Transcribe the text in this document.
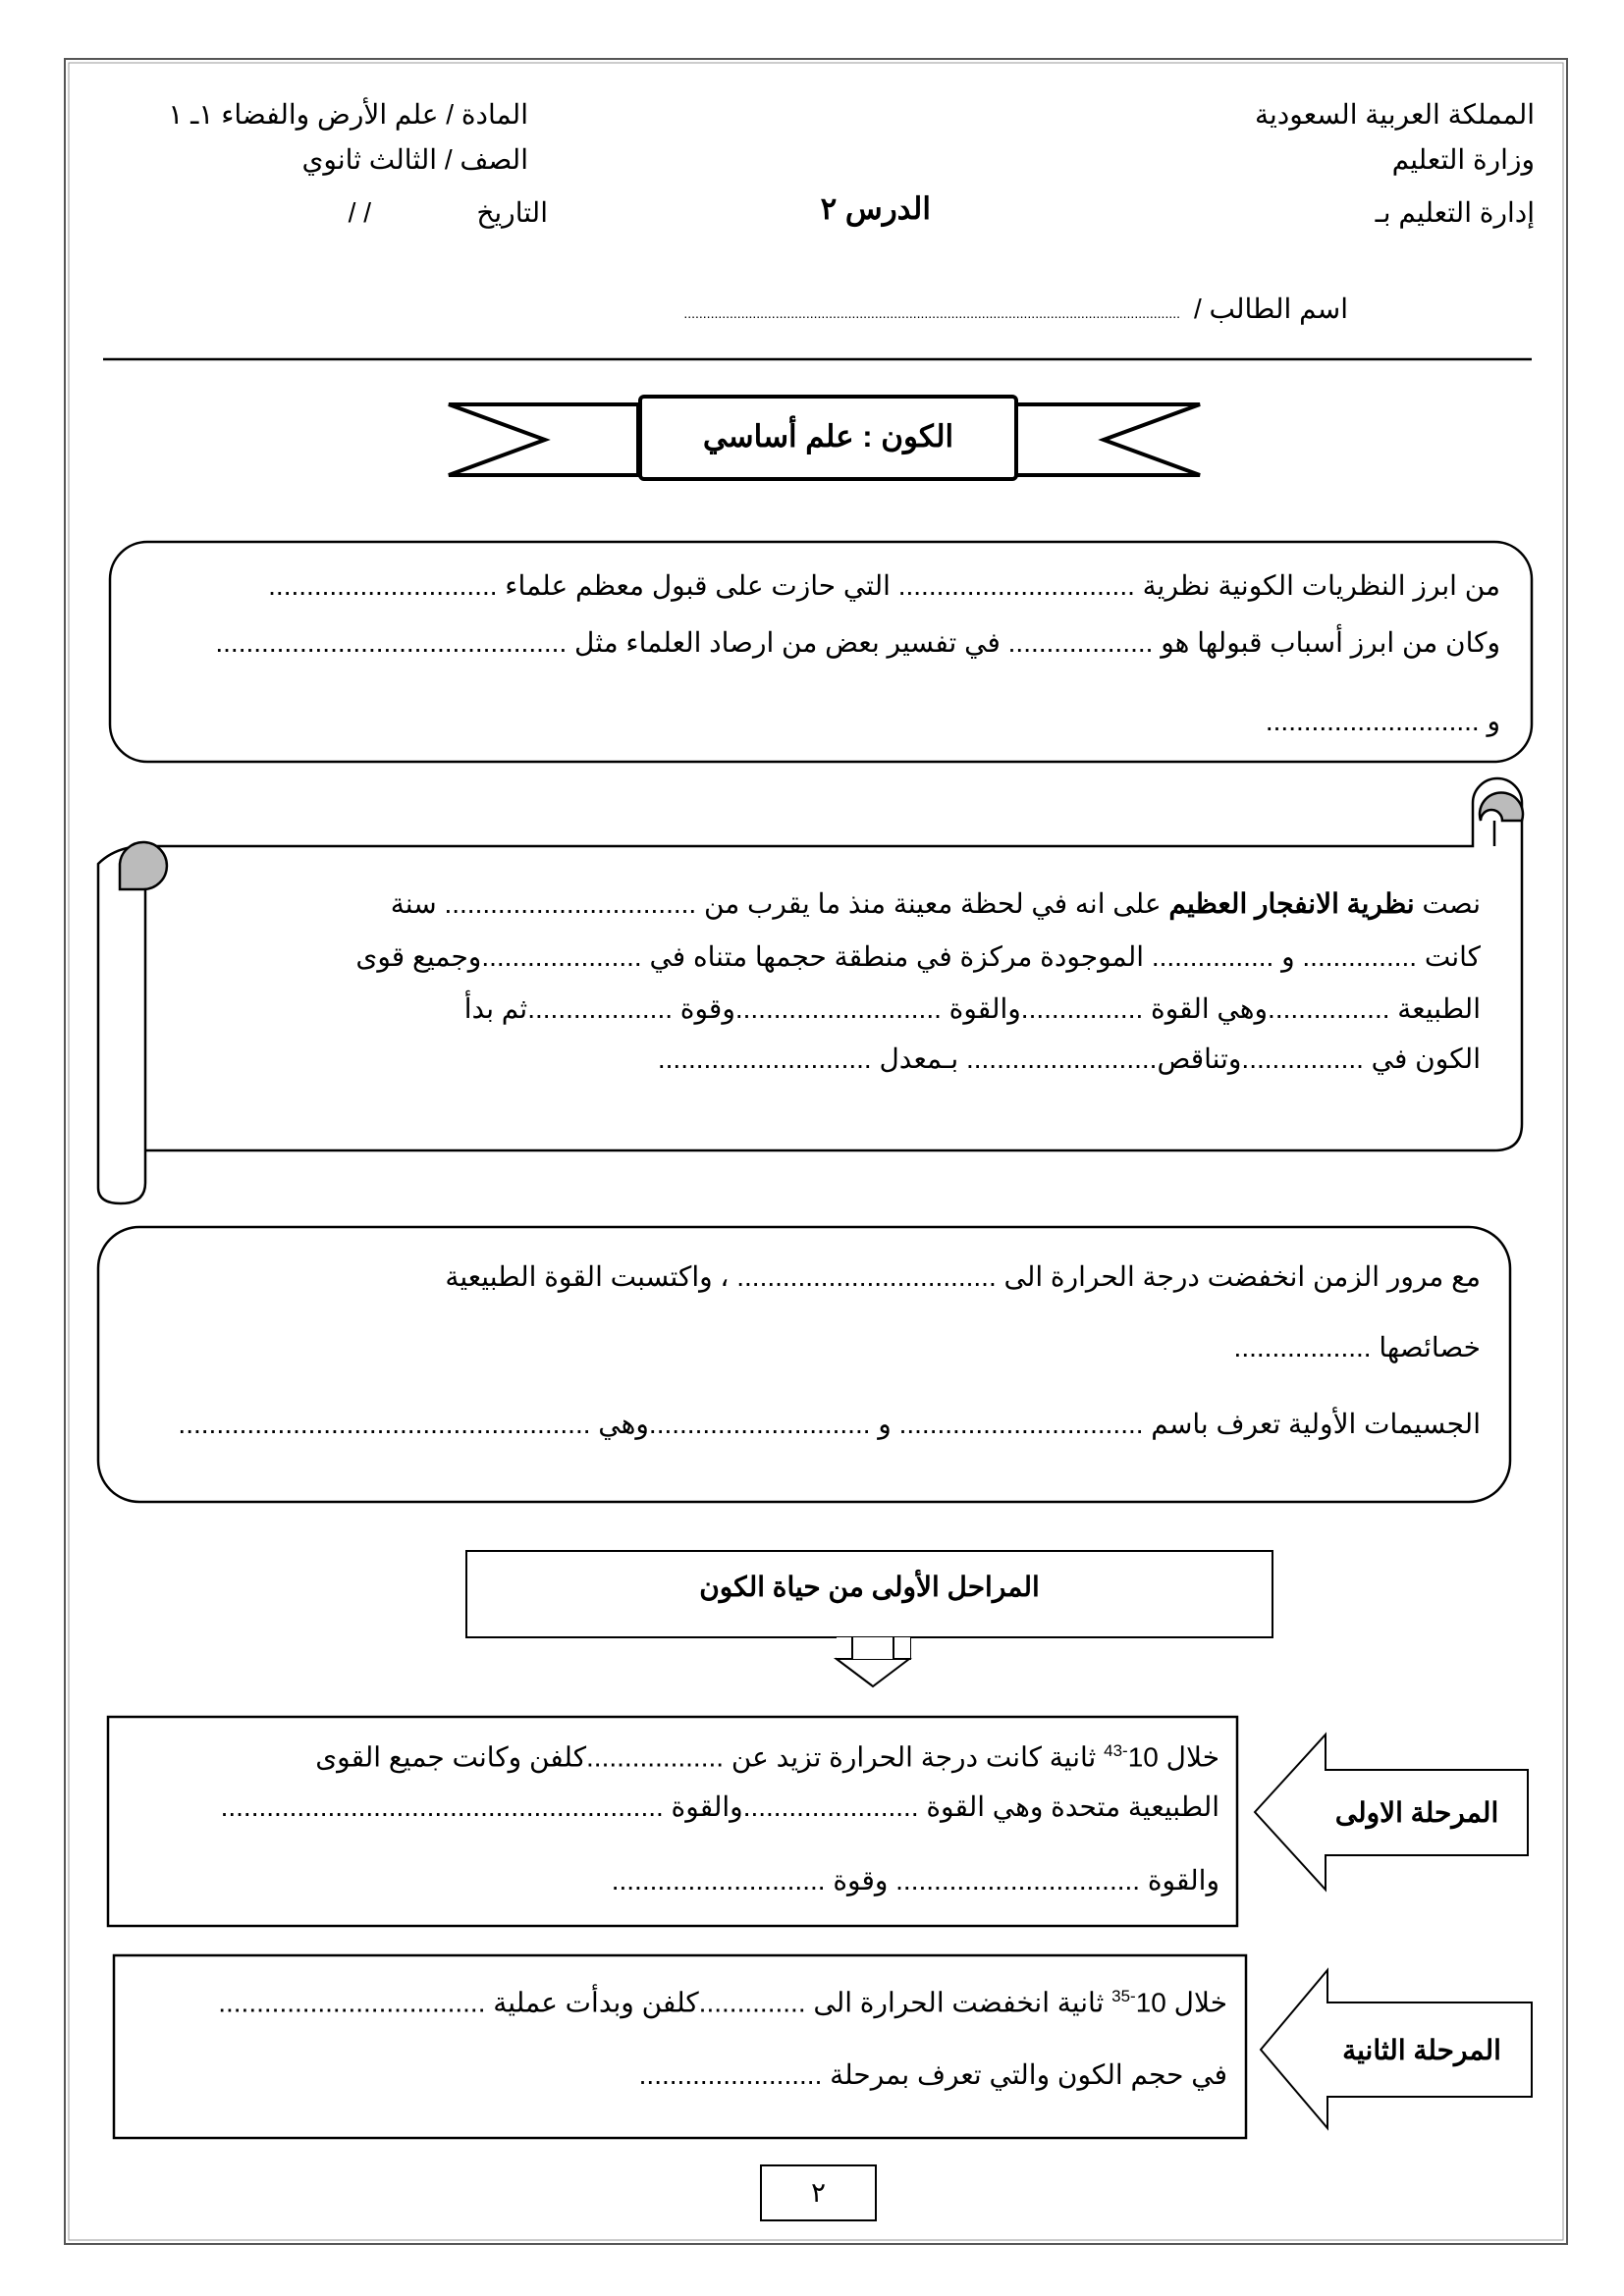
المملكة العربية السعودية
وزارة التعليم
إدارة التعليم بـ
المادة / علم الأرض والفضاء ١ـ ١
الصف / الثالث ثانوي
التاريخ
/ /	الدرس ٢
اسم الطالب /
..................................................................................................................................
الكون : علم أساسي
من ابرز النظريات الكونية نظرية ............................... التي حازت على قبول معظم علماء ..............................
وكان من ابرز أسباب قبولها هو ................... في تفسير بعض من ارصاد العلماء مثل ..............................................
و ............................
نصت نظرية الانفجار العظيم على انه في لحظة معينة منذ ما يقرب من ................................. سنة
كانت ............... و ................ الموجودة مركزة في منطقة حجمها متناه في .....................وجميع قوى
الطبيعة ................وهي القوة ................والقوة ...........................وقوة ...................ثم بدأ
الكون في ................وتناقص......................... بـمعدل ............................
مع مرور الزمن انخفضت درجة الحرارة الى .................................. ، واكتسبت القوة الطبيعية
خصائصها ..................
الجسيمات الأولية تعرف باسم ................................ و .............................وهي ......................................................
المراحل الأولى من حياة الكون
المرحلة الاولى
خلال $10^{-43}$ ثانية كانت درجة الحرارة تزيد عن ..................كلفن وكانت جميع القوى
الطبيعية متحدة وهي القوة .......................والقوة ..........................................................
والقوة ................................ وقوة ............................
المرحلة الثانية
خلال $10^{-35}$ ثانية انخفضت الحرارة الى ..............كلفن وبدأت عملية ...................................
في حجم الكون والتي تعرف بمرحلة ........................
٢
